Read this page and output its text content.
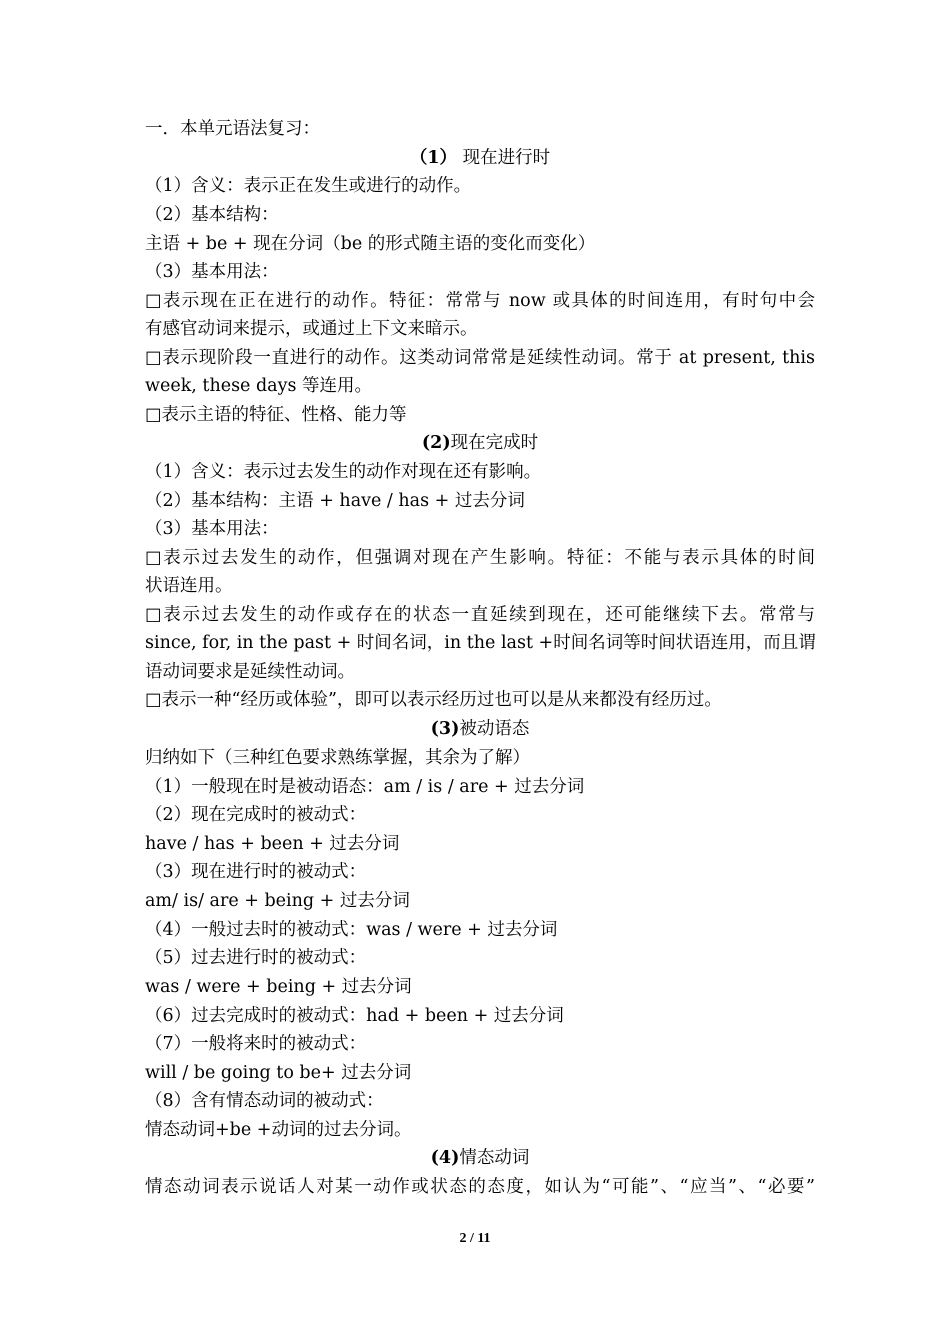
一．本单元语法复习：
（1） 现在进行时
（1）含义：表示正在发生或进行的动作。
（2）基本结构：
主语 + be + 现在分词（be 的形式随主语的变化而变化）
（3）基本用法：
□表示现在正在进行的动作。特征：常常与 now 或具体的时间连用，有时句中会
有感官动词来提示，或通过上下文来暗示。
□表示现阶段一直进行的动作。这类动词常常是延续性动词。常于 at present, this
week, these days 等连用。
□表示主语的特征、性格、能力等
(2)现在完成时
（1）含义：表示过去发生的动作对现在还有影响。
（2）基本结构：主语 + have / has + 过去分词
（3）基本用法：
□表示过去发生的动作，但强调对现在产生影响。特征：不能与表示具体的时间
状语连用。
□表示过去发生的动作或存在的状态一直延续到现在，还可能继续下去。常常与
since, for, in the past + 时间名词，in the last +时间名词等时间状语连用，而且谓
语动词要求是延续性动词。
□表示一种“经历或体验”，即可以表示经历过也可以是从来都没有经历过。
(3)被动语态
归纳如下（三种红色要求熟练掌握，其余为了解）
（1）一般现在时是被动语态：am / is / are + 过去分词
（2）现在完成时的被动式：
have / has + been + 过去分词
（3）现在进行时的被动式：
am/ is/ are + being + 过去分词
（4）一般过去时的被动式：was / were + 过去分词
（5）过去进行时的被动式：
was / were + being + 过去分词
（6）过去完成时的被动式：had + been + 过去分词
（7）一般将来时的被动式：
will / be going to be+ 过去分词
（8）含有情态动词的被动式：
情态动词+be +动词的过去分词。
(4)情态动词
情态动词表示说话人对某一动作或状态的态度，如认为“可能”、“应当”、“必要”
2 / 11
